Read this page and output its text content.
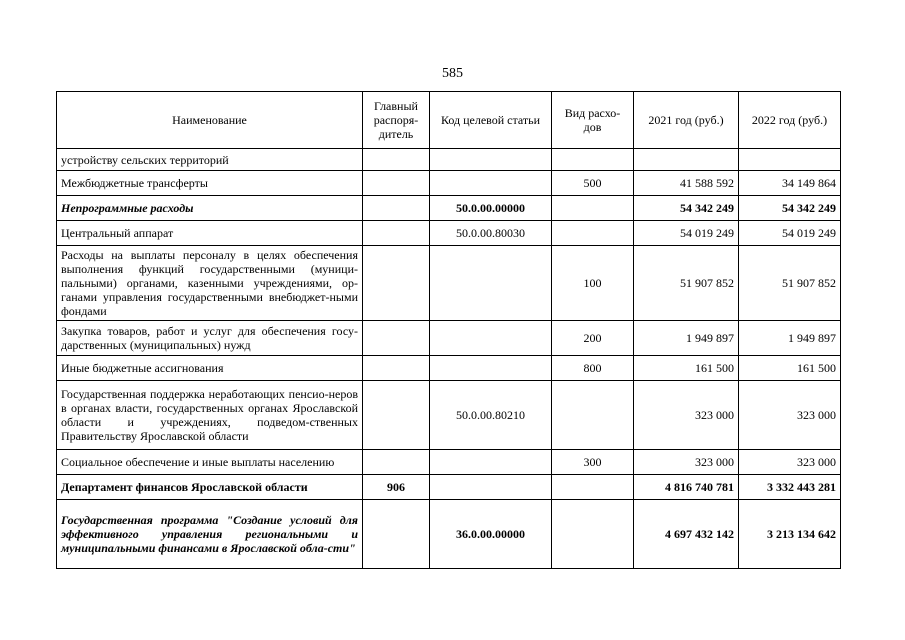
585
Наименование	Главный распоря-дитель	Код целевой статьи	Вид расхо-дов	2021 год (руб.)	2022 год (руб.)
устройству сельских территорий					
Межбюджетные трансферты			500	41 588 592	34 149 864
Непрограммные расходы		50.0.00.00000		54 342 249	54 342 249
Центральный аппарат		50.0.00.80030		54 019 249	54 019 249

Расходы на выплаты персоналу в целях обеспечения выполнения функций государственными (муници-пальными) органами, казенными учреждениями, ор-ганами управления государственными внебюджет-ными фондами			100	51 907 852	51 907 852

Закупка товаров, работ и услуг для обеспечения госу-дарственных (муниципальных) нужд			200	1 949 897	1 949 897
Иные бюджетные ассигнования			800	161 500	161 500

Государственная поддержка неработающих пенсио-неров в органах власти, государственных органах Ярославской области и учреждениях, подведом-ственных Правительству Ярославской области		50.0.00.80210		323 000	323 000
Социальное обеспечение и иные выплаты населению			300	323 000	323 000
Департамент финансов Ярославской области	906			4 816 740 781	3 332 443 281

Государственная программа "Создание условий для эффективного управления региональными и муниципальными финансами в Ярославской обла-сти"		36.0.00.00000		4 697 432 142	3 213 134 642
